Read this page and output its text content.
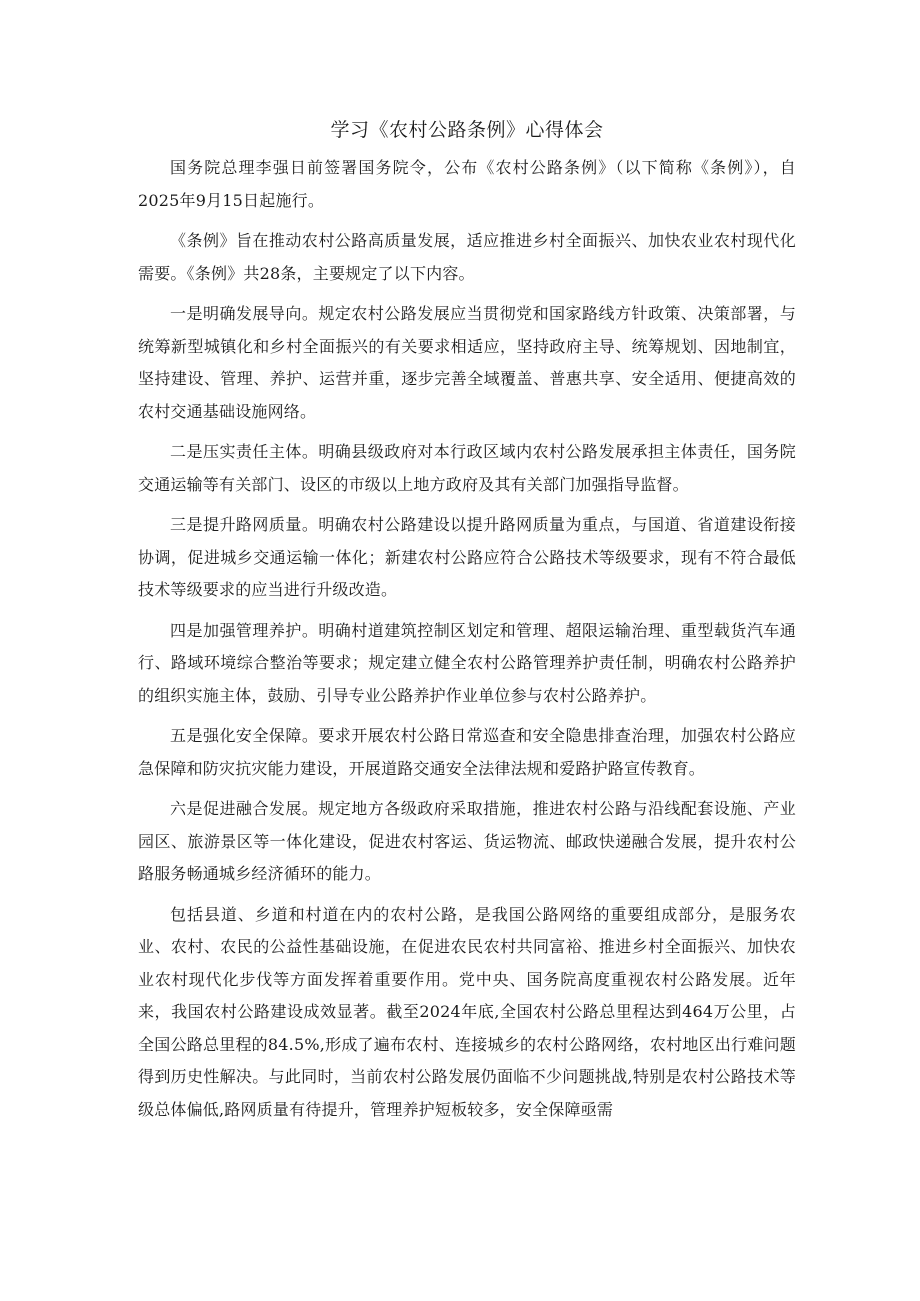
学习《农村公路条例》心得体会

国务院总理李强日前签署国务院令，公布《农村公路条例》（以下简称《条例》），自2025年9月15日起施行。

《条例》旨在推动农村公路高质量发展，适应推进乡村全面振兴、加快农业农村现代化需要。《条例》共28条，主要规定了以下内容。

一是明确发展导向。规定农村公路发展应当贯彻党和国家路线方针政策、决策部署，与统筹新型城镇化和乡村全面振兴的有关要求相适应，坚持政府主导、统筹规划、因地制宜，坚持建设、管理、养护、运营并重，逐步完善全域覆盖、普惠共享、安全适用、便捷高效的农村交通基础设施网络。

二是压实责任主体。明确县级政府对本行政区域内农村公路发展承担主体责任，国务院交通运输等有关部门、设区的市级以上地方政府及其有关部门加强指导监督。

三是提升路网质量。明确农村公路建设以提升路网质量为重点，与国道、省道建设衔接协调，促进城乡交通运输一体化；新建农村公路应符合公路技术等级要求，现有不符合最低技术等级要求的应当进行升级改造。

四是加强管理养护。明确村道建筑控制区划定和管理、超限运输治理、重型载货汽车通行、路域环境综合整治等要求；规定建立健全农村公路管理养护责任制，明确农村公路养护的组织实施主体，鼓励、引导专业公路养护作业单位参与农村公路养护。

五是强化安全保障。要求开展农村公路日常巡查和安全隐患排查治理，加强农村公路应急保障和防灾抗灾能力建设，开展道路交通安全法律法规和爱路护路宣传教育。

六是促进融合发展。规定地方各级政府采取措施，推进农村公路与沿线配套设施、产业园区、旅游景区等一体化建设，促进农村客运、货运物流、邮政快递融合发展，提升农村公路服务畅通城乡经济循环的能力。

包括县道、乡道和村道在内的农村公路，是我国公路网络的重要组成部分，是服务农业、农村、农民的公益性基础设施，在促进农民农村共同富裕、推进乡村全面振兴、加快农业农村现代化步伐等方面发挥着重要作用。党中央、国务院高度重视农村公路发展。近年来，我国农村公路建设成效显著。截至2024年底,全国农村公路总里程达到464万公里，占全国公路总里程的84.5%,形成了遍布农村、连接城乡的农村公路网络，农村地区出行难问题得到历史性解决。与此同时，当前农村公路发展仍面临不少问题挑战,特别是农村公路技术等级总体偏低,路网质量有待提升，管理养护短板较多，安全保障亟需
